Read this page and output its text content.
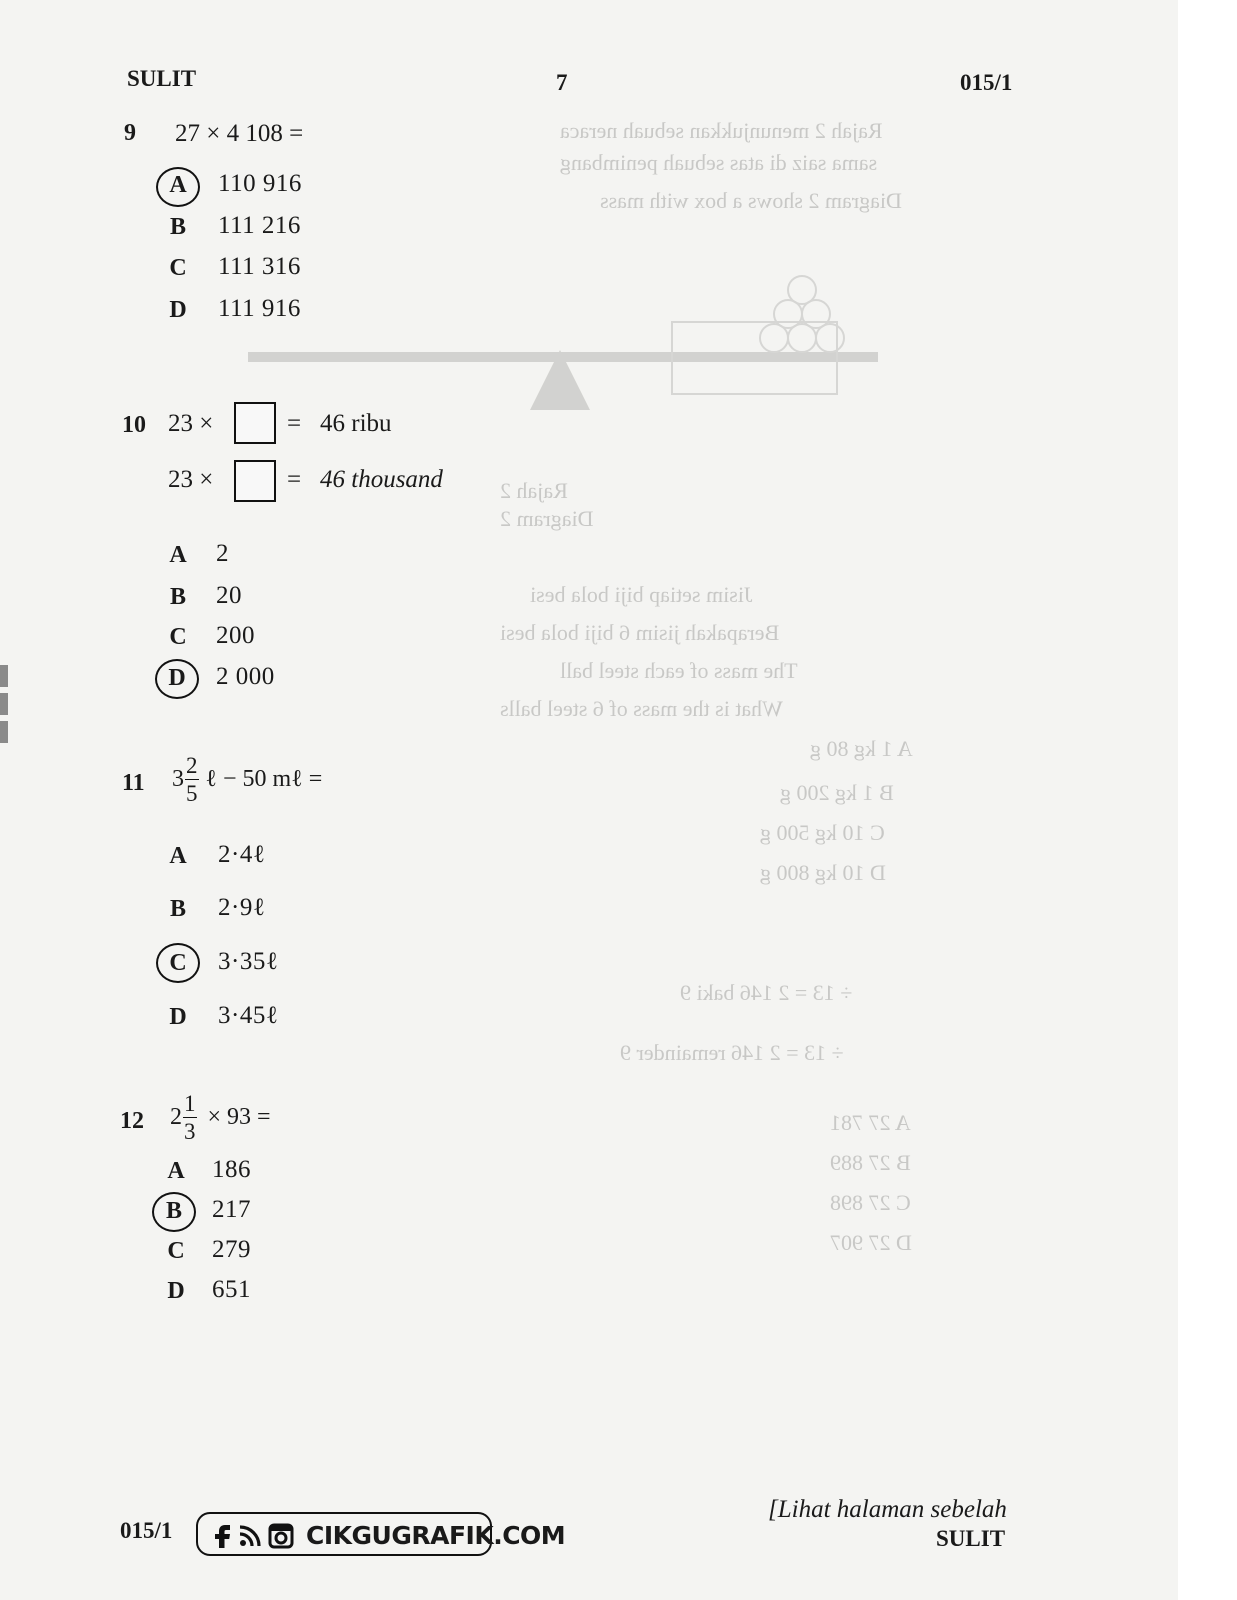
Rajah 2 menunjukkan sebuah neraca
sama saiz di atas sebuah penimbang
Diagram 2 shows a box with mass
Rajah 2
Diagram 2
Jisim setiap biji bola besi
Berapakah jisim 6 biji bola besi
The mass of each steel ball
What is the mass of 6 steel balls
A 1 kg 80 g
B 1 kg 200 g
C 10 kg 500 g
D 10 kg 800 g
÷ 13 = 2 146 baki 9
÷ 13 = 2 146 remainder 9
A 27 781
B 27 889
C 27 898
D 27 907
SULIT	7	015/1
9 27 × 4 108 =
A 110 916
B 111 216
C 111 316
D 111 916
10 23 ×	= 46 ribu
23 ×	= 46 thousand
A 2
B 20
C 200
D 2 000
11 $3 \frac{2}{5}$ ℓ − 50 mℓ =
A 2·4ℓ
B 2·9ℓ
C 3·35ℓ
D 3·45ℓ
12 $2 \frac{1}{3} \times 93$ =
A 186
B 217
C 279
D 651
015/1	CIKGUGRAFIK.COM
[Lihat halaman sebelah
SULIT
